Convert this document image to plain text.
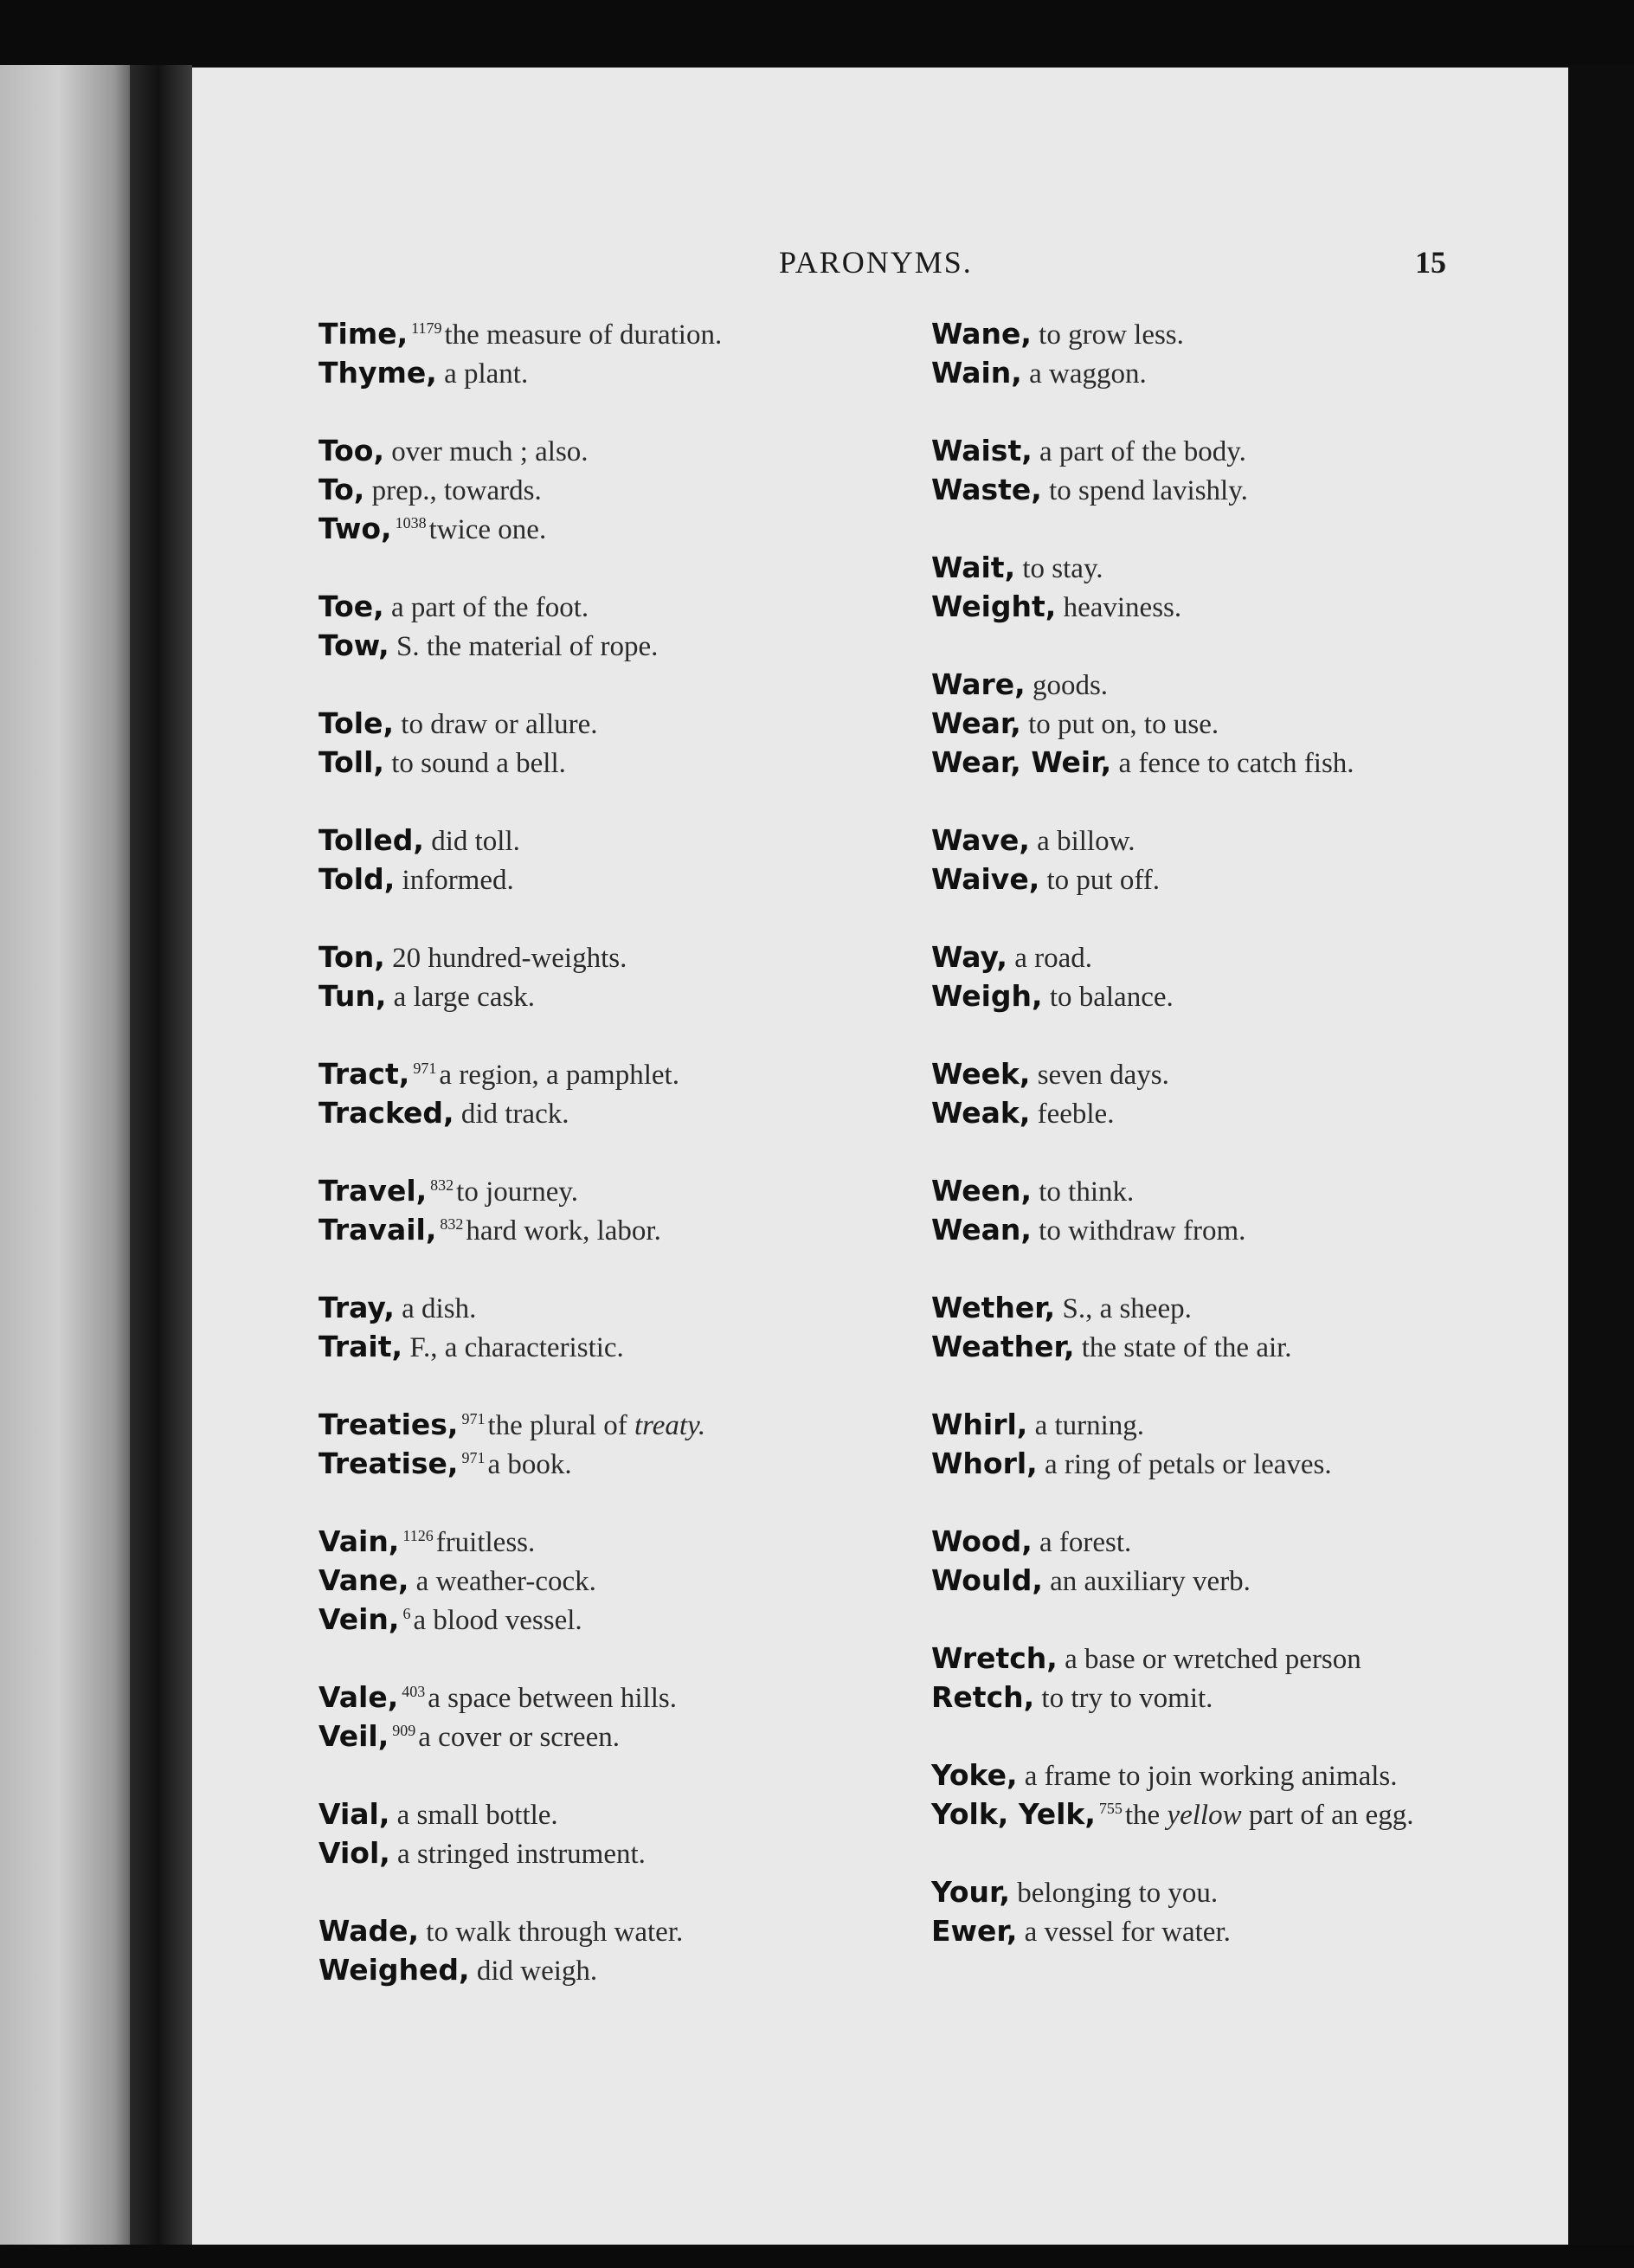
PARONYMS.	15
Time, $^{1179}$the measure of duration.
Thyme, a plant.
Too, over much ; also.
To, prep., towards.
Two, $^{1038}$twice one.
Toe, a part of the foot.
Tow, S. the material of rope.
Tole, to draw or allure.
Toll, to sound a bell.
Tolled, did toll.
Told, informed.
Ton, 20 hundred-weights.
Tun, a large cask.
Tract, $^{971}$a region, a pamphlet.
Tracked, did track.
Travel, $^{832}$to journey.
Travail, $^{832}$hard work, labor.
Tray, a dish.
Trait, F., a characteristic.
Treaties, $^{971}$the plural of treaty.
Treatise, $^{971}$a book.
Vain, $^{1126}$fruitless.
Vane, a weather-cock.
Vein, $^6$a blood vessel.
Vale, $^{403}$a space between hills.
Veil, $^{909}$a cover or screen.
Vial, a small bottle.
Viol, a stringed instrument.
Wade, to walk through water.
Weighed, did weigh.
Wane, to grow less.
Wain, a waggon.
Waist, a part of the body.
Waste, to spend lavishly.
Wait, to stay.
Weight, heaviness.
Ware, goods.
Wear, to put on, to use.
Wear, Weir, a fence to catch fish.
Wave, a billow.
Waive, to put off.
Way, a road.
Weigh, to balance.
Week, seven days.
Weak, feeble.
Ween, to think.
Wean, to withdraw from.
Wether, S., a sheep.
Weather, the state of the air.
Whirl, a turning.
Whorl, a ring of petals or leaves.
Wood, a forest.
Would, an auxiliary verb.
Wretch, a base or wretched person
Retch, to try to vomit.
Yoke, a frame to join working animals.
Yolk, Yelk, $^{755}$the yellow part of an egg.
Your, belonging to you.
Ewer, a vessel for water.
